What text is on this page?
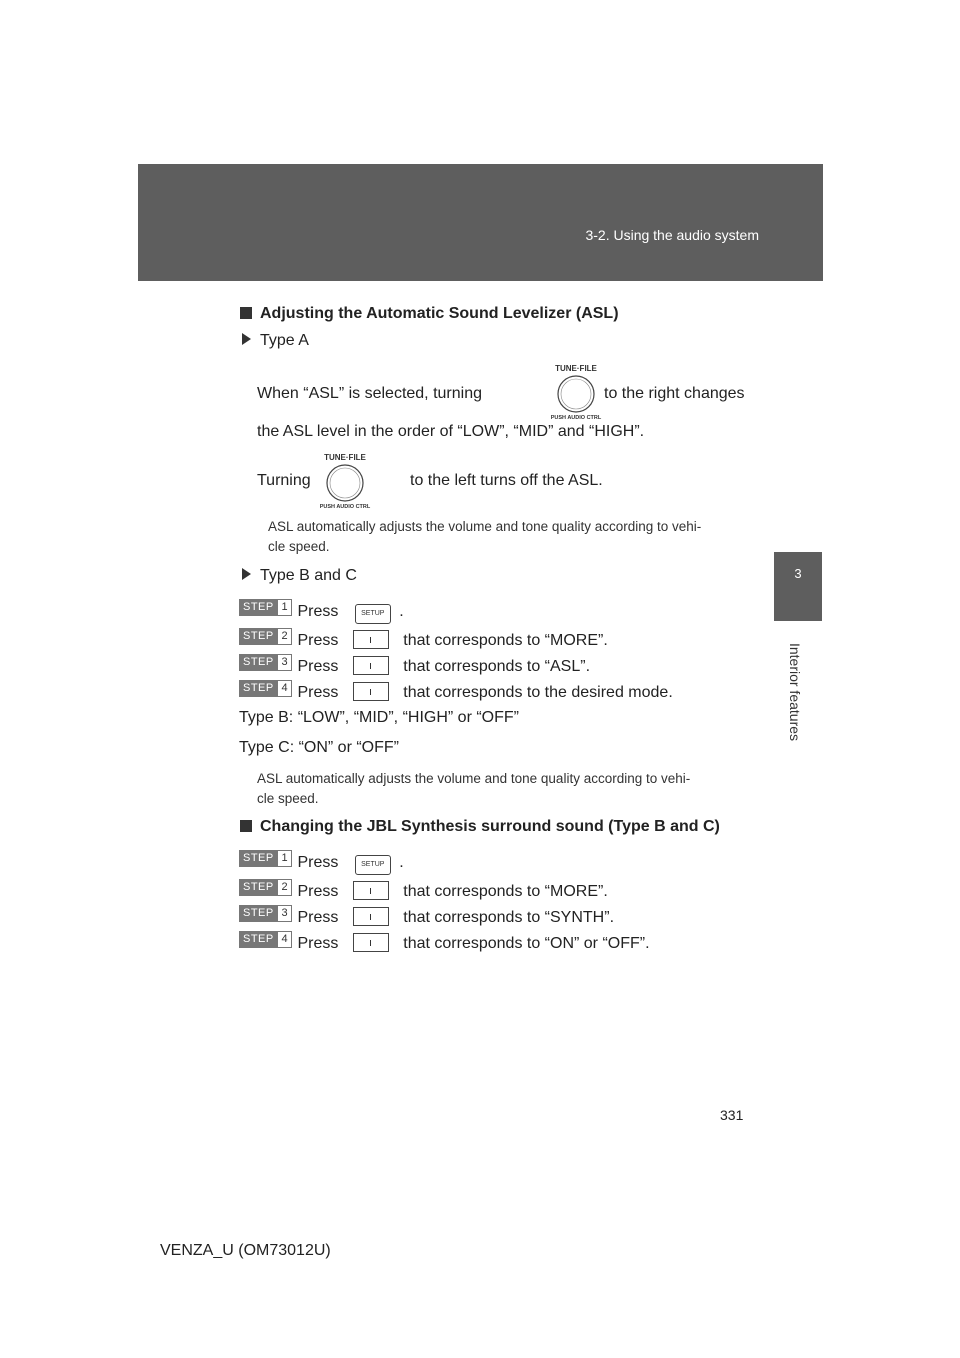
3-2. Using the audio system
3
Interior features
Adjusting the Automatic Sound Levelizer (ASL)
Type A
TUNE·FILE
PUSH AUDIO CTRL
When “ASL” is selected, turning	to the right changes
the ASL level in the order of “LOW”, “MID” and “HIGH”.
TUNE·FILE
PUSH AUDIO CTRL
Turning	to the left turns off the ASL.
ASL automatically adjusts the volume and tone quality according to vehi-
cle speed.
Type B and C
STEP 1 Press	SETUP .
STEP 2 Press	that corresponds to “MORE”.
STEP 3 Press	that corresponds to “ASL”.
STEP 4 Press	that corresponds to the desired mode.
Type B: “LOW”, “MID”, “HIGH” or “OFF”
Type C: “ON” or “OFF”
ASL automatically adjusts the volume and tone quality according to vehi-
cle speed.
Changing the JBL Synthesis surround sound (Type B and C)
STEP 1 Press	SETUP .
STEP 2 Press	that corresponds to “MORE”.
STEP 3 Press	that corresponds to “SYNTH”.
STEP 4 Press	that corresponds to “ON” or “OFF”.
331
VENZA_U (OM73012U)
